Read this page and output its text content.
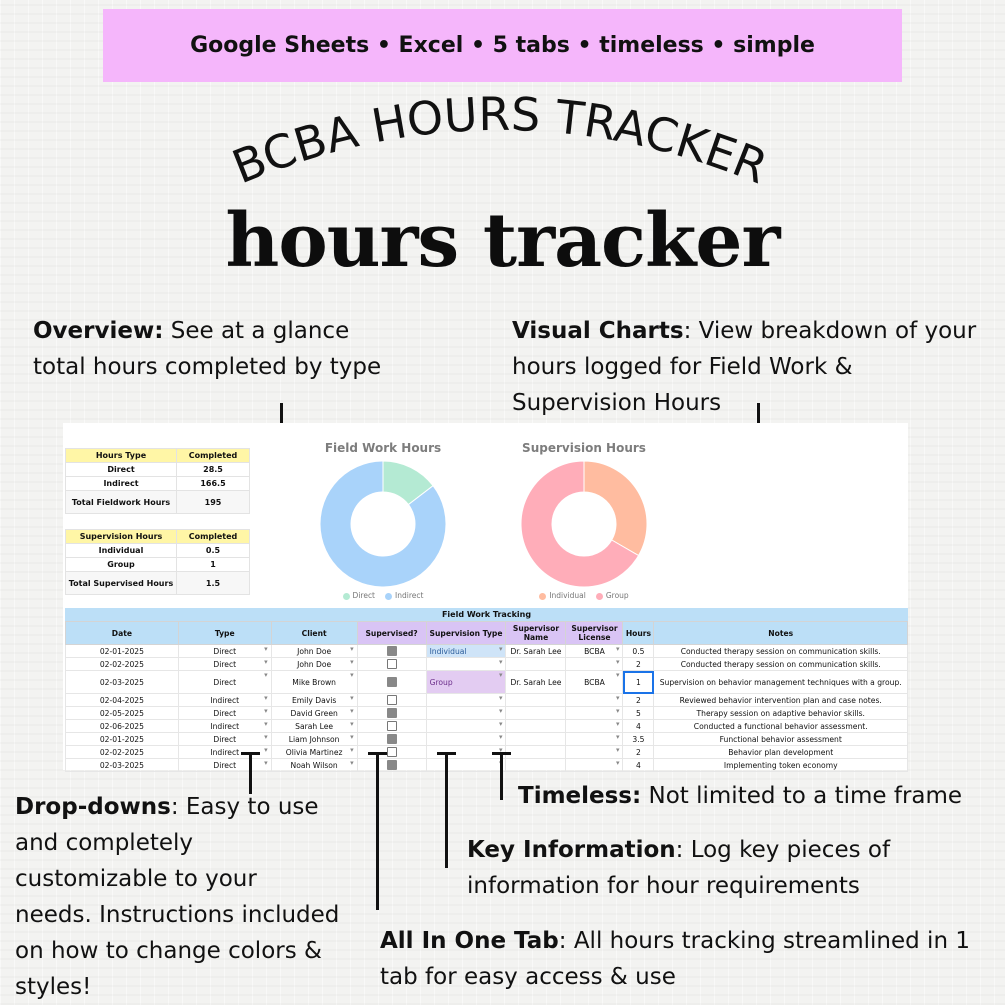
Google Sheets • Excel • 5 tabs • timeless • simple
BCBA HOURS TRACKER
hours tracker
Overview: See at a glance total hours completed by type
Visual Charts: View breakdown of your hours logged for Field Work & Supervision Hours
Hours Type	Completed
Direct	28.5
Indirect	166.5
Total Fieldwork Hours	195
Supervision Hours	Completed
Individual	0.5
Group	1
Total Supervised Hours	1.5
Field Work Hours
Direct	Indirect
Supervision Hours
Individual	Group
Field Work Tracking
Date	Type	Client	Supervised?	Supervision Type	Supervisor Name	Supervisor License	Hours	Notes
02-01-2025	Direct ▾	John Doe ▾		Individual ▾	Dr. Sarah Lee	BCBA ▾	0.5	Conducted therapy session on communication skills.
02-02-2025	Direct ▾	John Doe ▾		▾		▾	2	Conducted therapy session on communication skills.
02-03-2025	Direct ▾	Mike Brown ▾		Group ▾	Dr. Sarah Lee	BCBA ▾	1	Supervision on behavior management techniques with a group.
02-04-2025	Indirect ▾	Emily Davis ▾		▾		▾	2	Reviewed behavior intervention plan and case notes.
02-05-2025	Direct ▾	David Green ▾		▾		▾	5	Therapy session on adaptive behavior skills.
02-06-2025	Indirect ▾	Sarah Lee ▾		▾		▾	4	Conducted a functional behavior assessment.
02-01-2025	Direct ▾	Liam Johnson ▾		▾		▾	3.5	Functional behavior assessment
02-02-2025	Indirect ▾	Olivia Martinez ▾		▾		▾	2	Behavior plan development
02-03-2025	Direct ▾	Noah Wilson ▾		▾		▾	4	Implementing token economy
Timeless: Not limited to a time frame
Key Information: Log key pieces of information for hour requirements
Drop-downs: Easy to use and completely customizable to your needs. Instructions included on how to change colors & styles!
All In One Tab: All hours tracking streamlined in 1 tab for easy access & use
